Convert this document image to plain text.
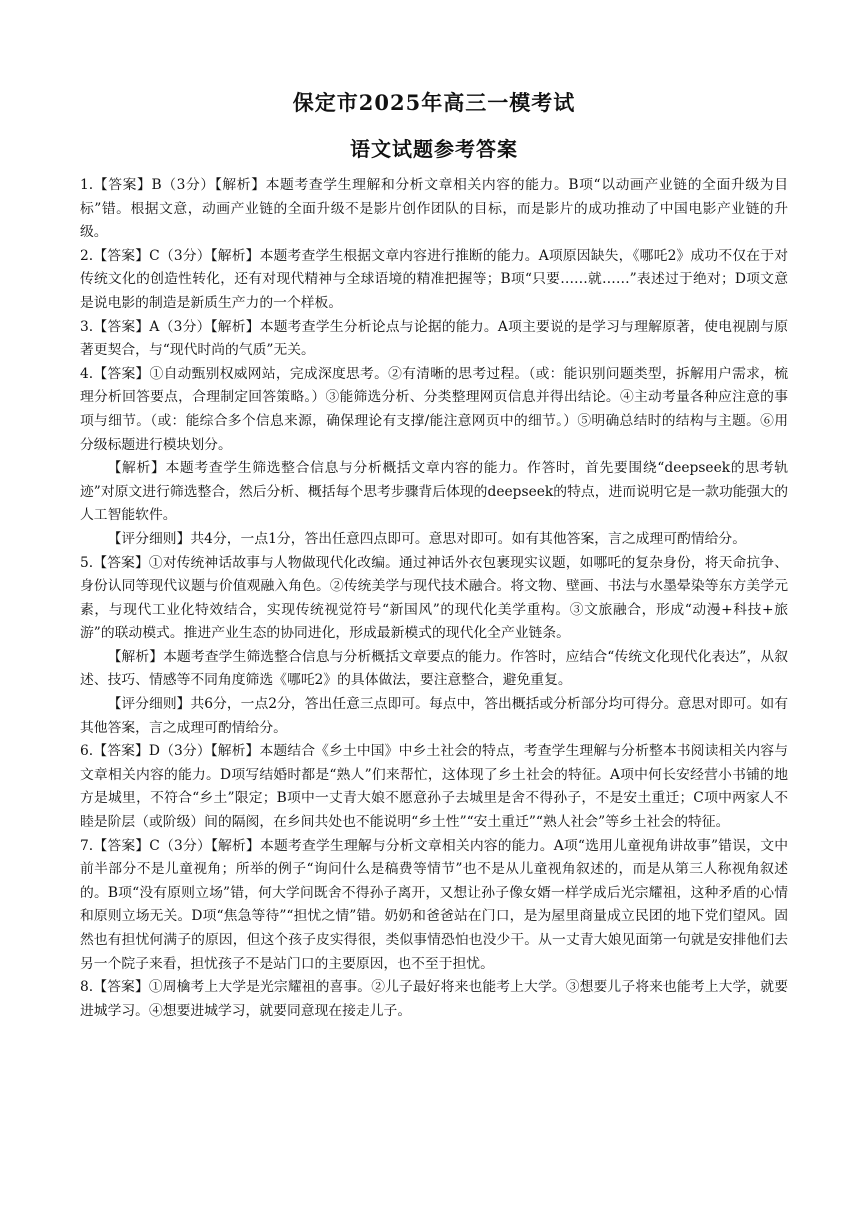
保定市2025年高三一模考试
语文试题参考答案

1.【答案】B（3分）【解析】本题考查学生理解和分析文章相关内容的能力。B项“以动画产业链的全面升级为目标”错。根据文意，动画产业链的全面升级不是影片创作团队的目标，而是影片的成功推动了中国电影产业链的升级。

2.【答案】C（3分）【解析】本题考查学生根据文章内容进行推断的能力。A项原因缺失，《哪吒2》成功不仅在于对传统文化的创造性转化，还有对现代精神与全球语境的精准把握等；B项“只要……就……”表述过于绝对；D项文意是说电影的制造是新质生产力的一个样板。

3.【答案】A（3分）【解析】本题考查学生分析论点与论据的能力。A项主要说的是学习与理解原著，使电视剧与原著更契合，与“现代时尚的气质”无关。

4.【答案】①自动甄别权威网站，完成深度思考。②有清晰的思考过程。（或：能识别问题类型，拆解用户需求，梳理分析回答要点，合理制定回答策略。）③能筛选分析、分类整理网页信息并得出结论。④主动考量各种应注意的事项与细节。（或：能综合多个信息来源，确保理论有支撑/能注意网页中的细节。）⑤明确总结时的结构与主题。⑥用分级标题进行模块划分。

【解析】本题考查学生筛选整合信息与分析概括文章内容的能力。作答时，首先要围绕“deepseek的思考轨迹”对原文进行筛选整合，然后分析、概括每个思考步骤背后体现的deepseek的特点，进而说明它是一款功能强大的人工智能软件。

【评分细则】共4分，一点1分，答出任意四点即可。意思对即可。如有其他答案，言之成理可酌情给分。

5.【答案】①对传统神话故事与人物做现代化改编。通过神话外衣包裹现实议题，如哪吒的复杂身份，将天命抗争、身份认同等现代议题与价值观融入角色。②传统美学与现代技术融合。将文物、壁画、书法与水墨晕染等东方美学元素，与现代工业化特效结合，实现传统视觉符号“新国风”的现代化美学重构。③文旅融合，形成“动漫+科技+旅游”的联动模式。推进产业生态的协同进化，形成最新模式的现代化全产业链条。

【解析】本题考查学生筛选整合信息与分析概括文章要点的能力。作答时，应结合“传统文化现代化表达”，从叙述、技巧、情感等不同角度筛选《哪吒2》的具体做法，要注意整合，避免重复。

【评分细则】共6分，一点2分，答出任意三点即可。每点中，答出概括或分析部分均可得分。意思对即可。如有其他答案，言之成理可酌情给分。

6.【答案】D（3分）【解析】本题结合《乡土中国》中乡土社会的特点，考查学生理解与分析整本书阅读相关内容与文章相关内容的能力。D项写结婚时都是“熟人”们来帮忙，这体现了乡土社会的特征。A项中何长安经营小书铺的地方是城里，不符合“乡土”限定；B项中一丈青大娘不愿意孙子去城里是舍不得孙子，不是安土重迁；C项中两家人不睦是阶层（或阶级）间的隔阂，在乡间共处也不能说明“乡土性”“安土重迁”“熟人社会”等乡土社会的特征。

7.【答案】C（3分）【解析】本题考查学生理解与分析文章相关内容的能力。A项“选用儿童视角讲故事”错误，文中前半部分不是儿童视角；所举的例子“询问什么是稿费等情节”也不是从儿童视角叙述的，而是从第三人称视角叙述的。B项“没有原则立场”错，何大学问既舍不得孙子离开，又想让孙子像女婿一样学成后光宗耀祖，这种矛盾的心情和原则立场无关。D项“焦急等待”“担忧之情”错。奶奶和爸爸站在门口，是为屋里商量成立民团的地下党们望风。固然也有担忧何满子的原因，但这个孩子皮实得很，类似事情恐怕也没少干。从一丈青大娘见面第一句就是安排他们去另一个院子来看，担忧孩子不是站门口的主要原因，也不至于担忧。

8.【答案】①周檎考上大学是光宗耀祖的喜事。②儿子最好将来也能考上大学。③想要儿子将来也能考上大学，就要进城学习。④想要进城学习，就要同意现在接走儿子。
